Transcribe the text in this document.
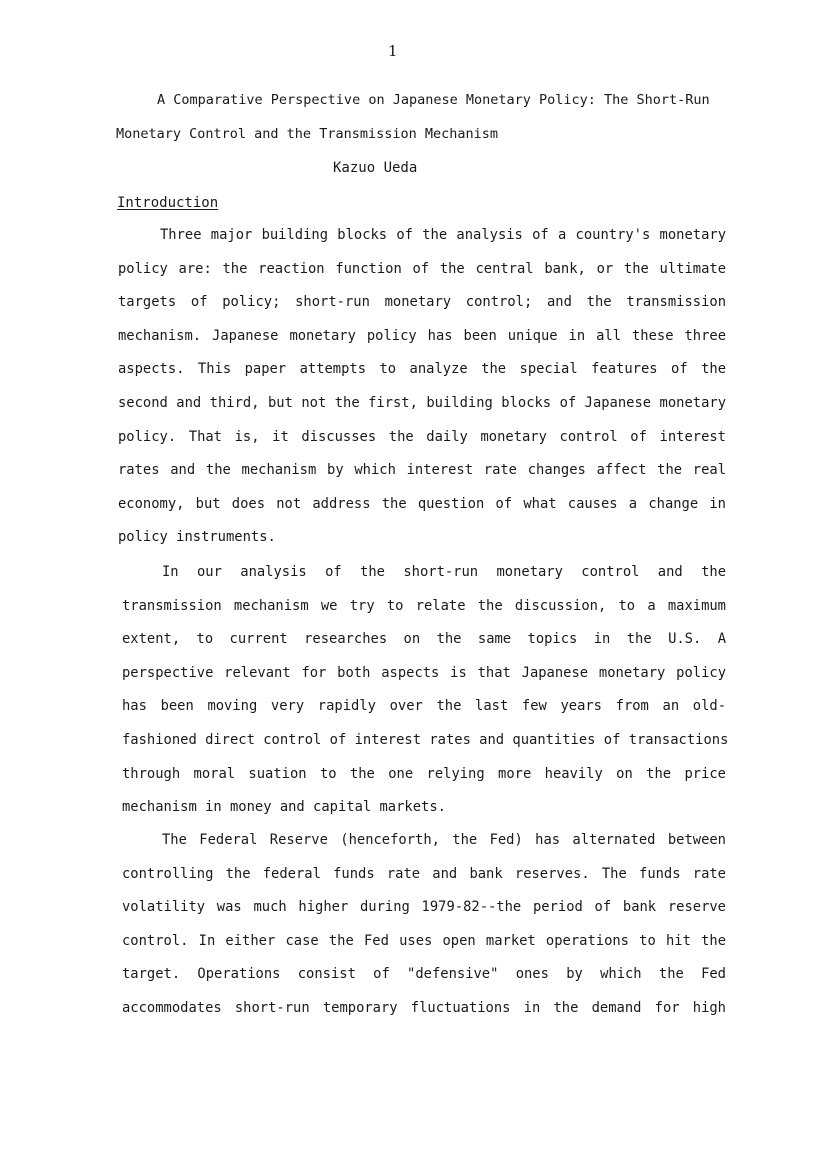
1
A Comparative Perspective on Japanese Monetary Policy: The Short-Run
Monetary Control and the Transmission Mechanism
Kazuo Ueda
Introduction
Three major building blocks of the analysis of a country's monetary
policy are: the reaction function of the central bank, or the ultimate
targets of policy; short-run monetary control; and the transmission
mechanism. Japanese monetary policy has been unique in all these three
aspects. This paper attempts to analyze the special features of the
second and third, but not the first, building blocks of Japanese monetary
policy. That is, it discusses the daily monetary control of interest
rates and the mechanism by which interest rate changes affect the real
economy, but does not address the question of what causes a change in
policy instruments.
In our analysis of the short-run monetary control and the
transmission mechanism we try to relate the discussion, to a maximum
extent, to current researches on the same topics in the U.S. A
perspective relevant for both aspects is that Japanese monetary policy
has been moving very rapidly over the last few years from an old-
fashioned direct control of interest rates and quantities of transactions
through moral suation to the one relying more heavily on the price
mechanism in money and capital markets.
The Federal Reserve (henceforth, the Fed) has alternated between
controlling the federal funds rate and bank reserves. The funds rate
volatility was much higher during 1979-82--the period of bank reserve
control. In either case the Fed uses open market operations to hit the
target. Operations consist of "defensive" ones by which the Fed
accommodates short-run temporary fluctuations in the demand for high
